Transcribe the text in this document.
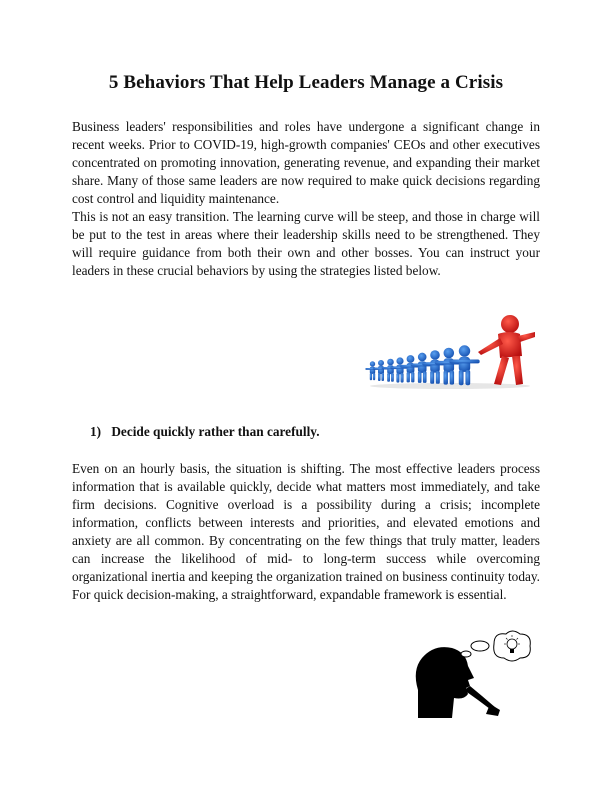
5 Behaviors That Help Leaders Manage a Crisis

Business leaders' responsibilities and roles have undergone a significant change in recent weeks. Prior to COVID-19, high-growth companies' CEOs and other executives concentrated on promoting innovation, generating revenue, and expanding their market share. Many of those same leaders are now required to make quick decisions regarding cost control and liquidity maintenance.

This is not an easy transition. The learning curve will be steep, and those in charge will be put to the test in areas where their leadership skills need to be strengthened. They will require guidance from both their own and other bosses. You can instruct your leaders in these crucial behaviors by using the strategies listed below.

1) Decide quickly rather than carefully.

Even on an hourly basis, the situation is shifting. The most effective leaders process information that is available quickly, decide what matters most immediately, and take firm decisions. Cognitive overload is a possibility during a crisis; incomplete information, conflicts between interests and priorities, and elevated emotions and anxiety are all common. By concentrating on the few things that truly matter, leaders can increase the likelihood of mid- to long-term success while overcoming organizational inertia and keeping the organization trained on business continuity today. For quick decision-making, a straightforward, expandable framework is essential.
